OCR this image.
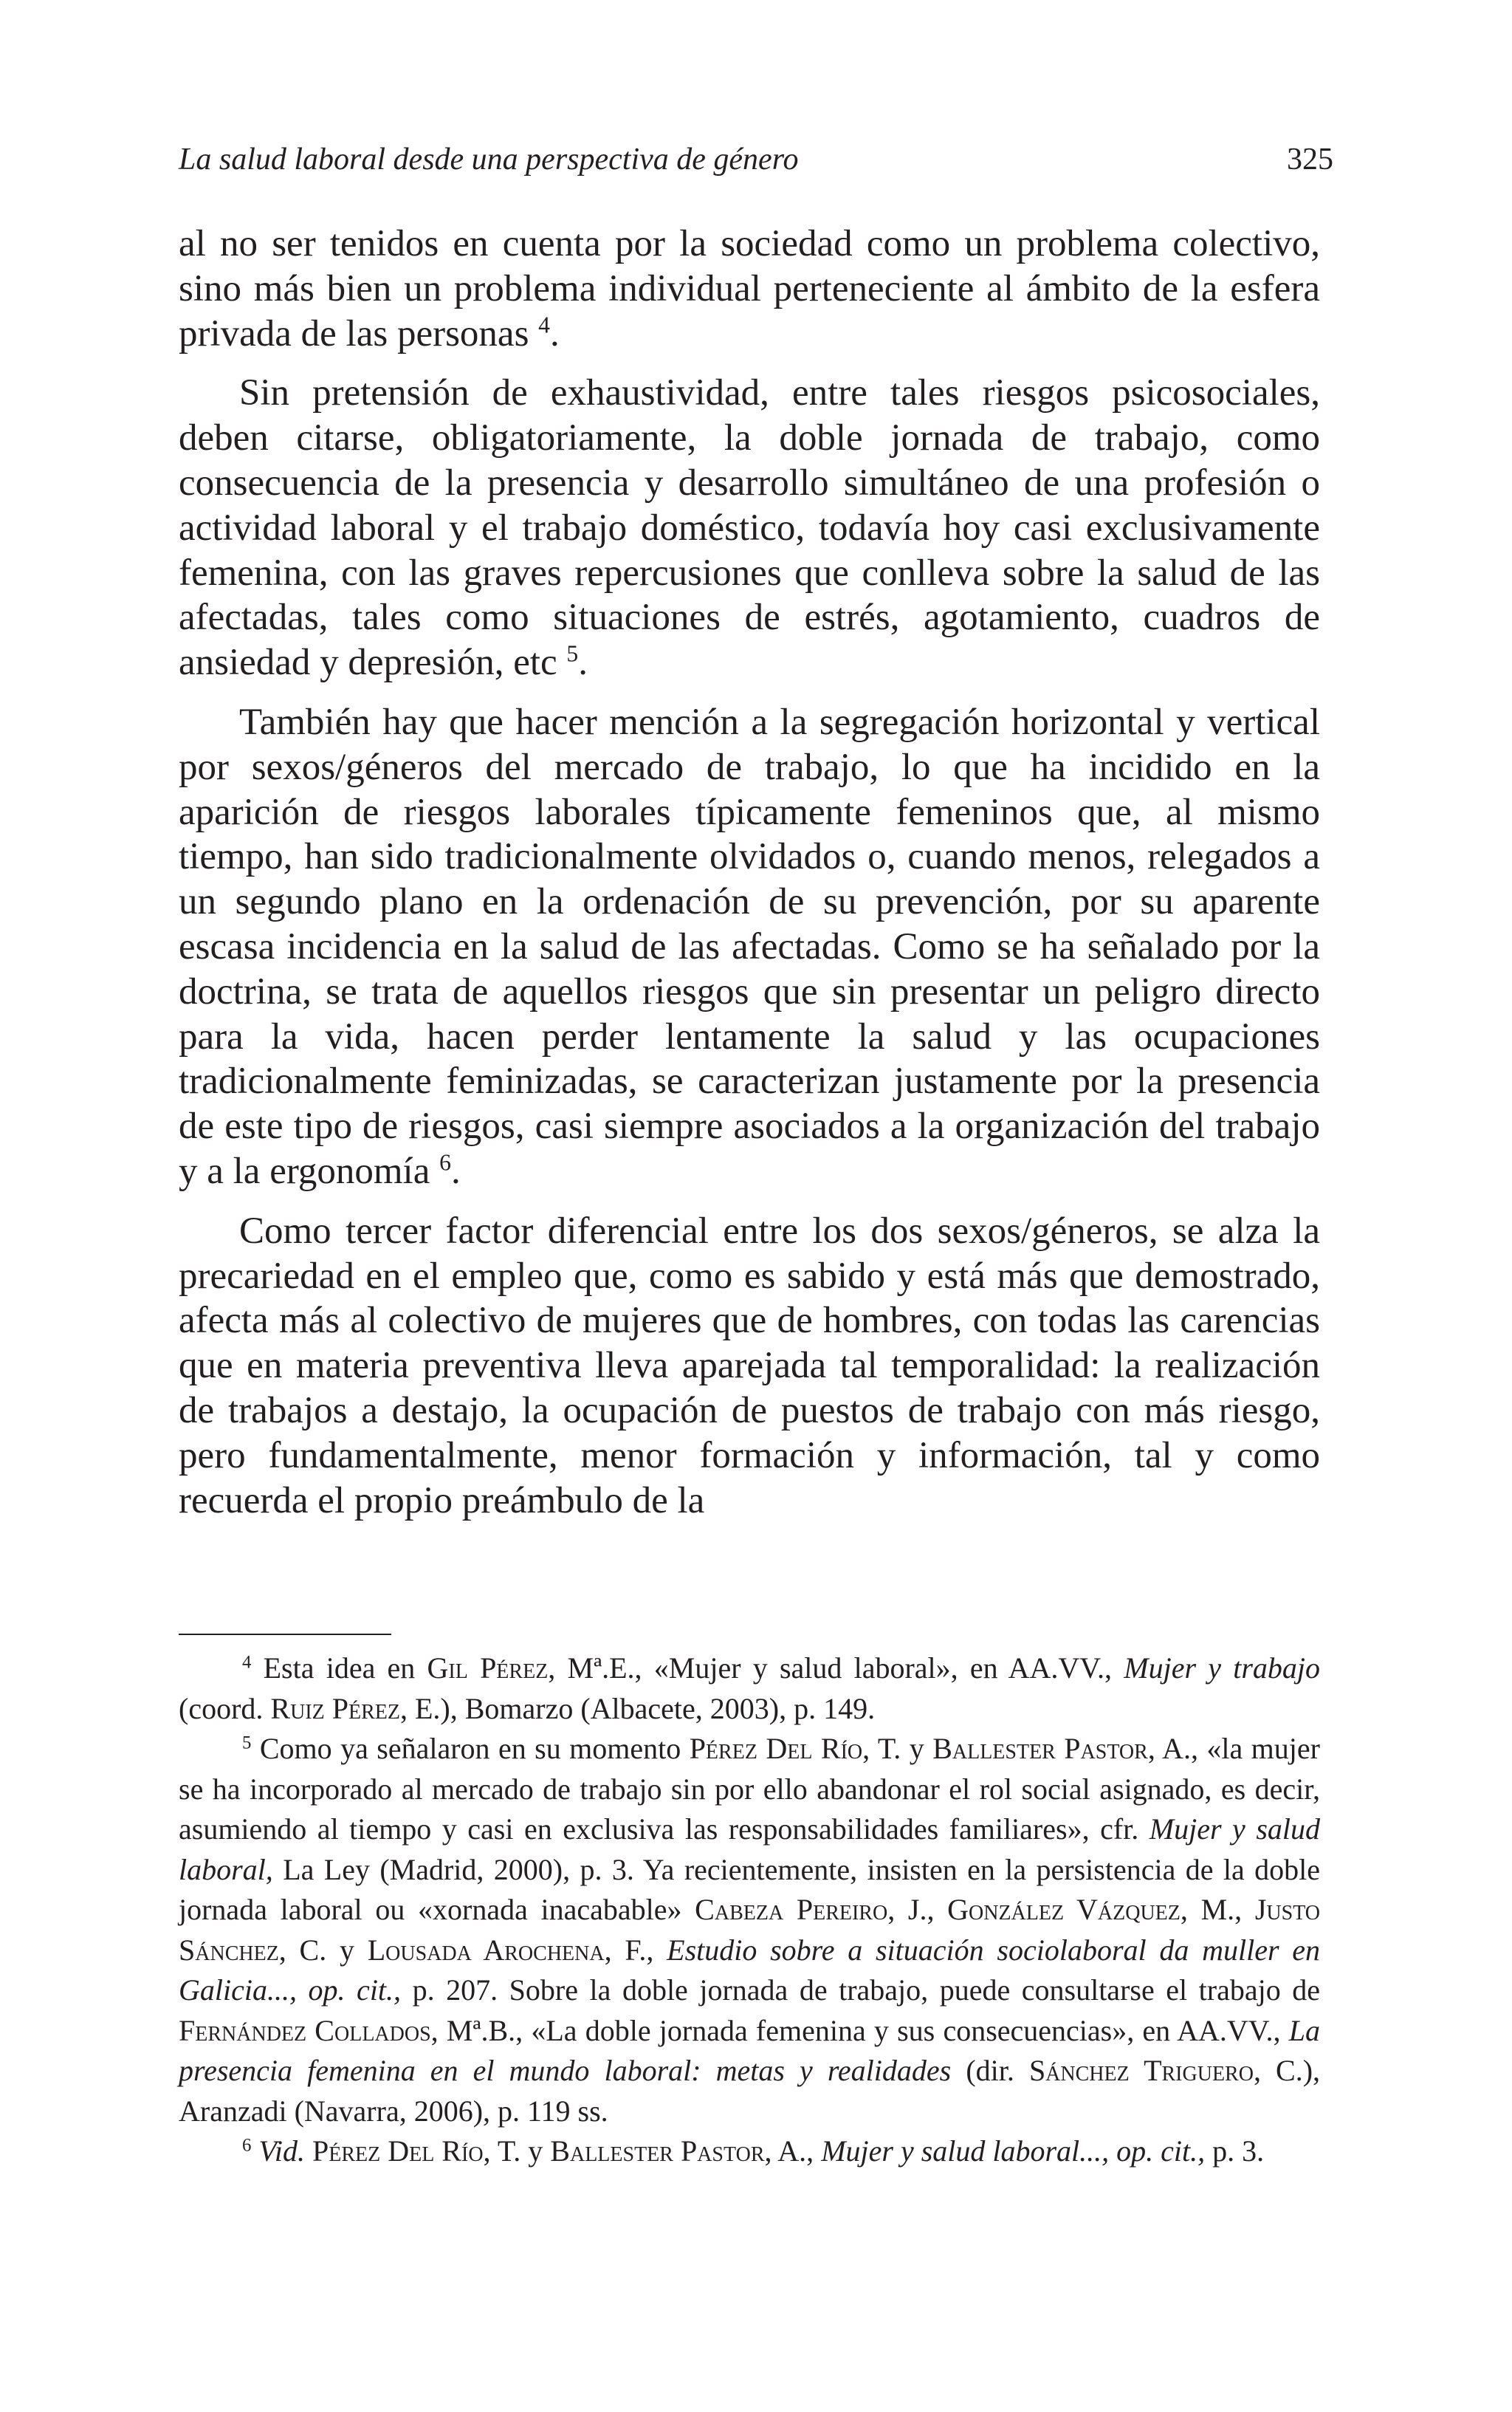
La salud laboral desde una perspectiva de género	325

al no ser tenidos en cuenta por la sociedad como un problema colectivo, sino más bien un problema individual perteneciente al ámbito de la esfera privada de las personas $^4$.

Sin pretensión de exhaustividad, entre tales riesgos psicosociales, deben citarse, obligatoriamente, la doble jornada de trabajo, como consecuencia de la presencia y desarrollo simultáneo de una profesión o actividad laboral y el trabajo doméstico, todavía hoy casi exclusivamente femenina, con las graves repercusiones que conlleva sobre la salud de las afectadas, tales como situaciones de estrés, agotamiento, cuadros de ansiedad y depresión, etc $^5$.

También hay que hacer mención a la segregación horizontal y vertical por sexos/géneros del mercado de trabajo, lo que ha incidido en la aparición de riesgos laborales típicamente femeninos que, al mismo tiempo, han sido tradicionalmente olvidados o, cuando menos, relegados a un segundo plano en la ordenación de su prevención, por su aparente escasa incidencia en la salud de las afectadas. Como se ha señalado por la doctrina, se trata de aquellos riesgos que sin presentar un peligro directo para la vida, hacen perder lentamente la salud y las ocupaciones tradicionalmente feminizadas, se caracterizan justamente por la presencia de este tipo de riesgos, casi siempre asociados a la organización del trabajo y a la ergonomía $^6$.

Como tercer factor diferencial entre los dos sexos/géneros, se alza la precariedad en el empleo que, como es sabido y está más que demostrado, afecta más al colectivo de mujeres que de hombres, con todas las carencias que en materia preventiva lleva aparejada tal temporalidad: la realización de trabajos a destajo, la ocupación de puestos de trabajo con más riesgo, pero fundamentalmente, menor formación y información, tal y como recuerda el propio preámbulo de la

$^4$ Esta idea en Gil Pérez, Mª.E., «Mujer y salud laboral», en AA.VV., Mujer y trabajo (coord. Ruiz Pérez, E.), Bomarzo (Albacete, 2003), p. 149.

$^5$ Como ya señalaron en su momento Pérez Del Río, T. y Ballester Pastor, A., «la mujer se ha incorporado al mercado de trabajo sin por ello abandonar el rol social asignado, es decir, asumiendo al tiempo y casi en exclusiva las responsabilidades familiares», cfr. Mujer y salud laboral, La Ley (Madrid, 2000), p. 3. Ya recientemente, insisten en la persistencia de la doble jornada laboral ou «xornada inacabable» Cabeza Pereiro, J., González Vázquez, M., Justo Sánchez, C. y Lousada Arochena, F., Estudio sobre a situación sociolaboral da muller en Galicia..., op. cit., p. 207. Sobre la doble jornada de trabajo, puede consultarse el trabajo de Fernández Collados, Mª.B., «La doble jornada femenina y sus consecuencias», en AA.VV., La presencia femenina en el mundo laboral: metas y realidades (dir. Sánchez Triguero, C.), Aranzadi (Navarra, 2006), p. 119 ss.

$^6$ Vid. Pérez Del Río, T. y Ballester Pastor, A., Mujer y salud laboral..., op. cit., p. 3.
